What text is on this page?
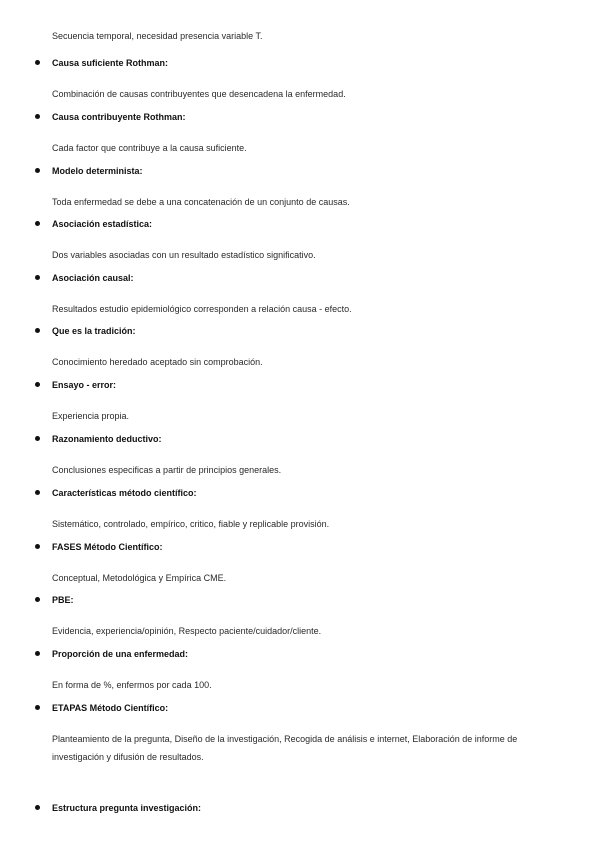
Secuencia temporal, necesidad presencia variable T.
Causa suficiente Rothman:
Combinación de causas contribuyentes que desencadena la enfermedad.
Causa contribuyente Rothman:
Cada factor que contribuye a la causa suficiente.
Modelo determinista:
Toda enfermedad se debe a una concatenación de un conjunto de causas.
Asociación estadística:
Dos variables asociadas con un resultado estadístico significativo.
Asociación causal:
Resultados estudio epidemiológico corresponden a relación causa - efecto.
Que es la tradición:
Conocimiento heredado aceptado sin comprobación.
Ensayo - error:
Experiencia propia.
Razonamiento deductivo:
Conclusiones especificas a partir de principios generales.
Características método científico:
Sistemático, controlado, empírico, critico, fiable y replicable provisión.
FASES Método Científico:
Conceptual, Metodológica y Empírica CME.
PBE:
Evidencia, experiencia/opinión, Respecto paciente/cuidador/cliente.
Proporción de una enfermedad:
En forma de %, enfermos por cada 100.
ETAPAS Método Científico:
Planteamiento de la pregunta, Diseño de la investigación, Recogida de análisis e internet, Elaboración de informe de investigación y difusión de resultados.
Estructura pregunta investigación:
